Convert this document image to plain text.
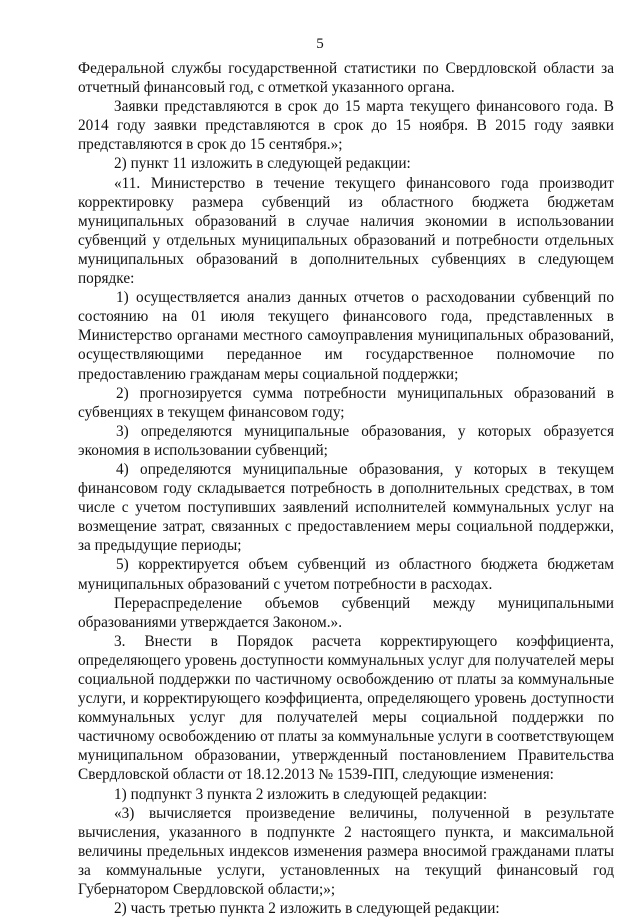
5

Федеральной службы государственной статистики по Свердловской области за отчетный финансовый год, с отметкой указанного органа.

Заявки представляются в срок до 15 марта текущего финансового года. В 2014 году заявки представляются в срок до 15 ноября. В 2015 году заявки представляются в срок до 15 сентября.»;

2) пункт 11 изложить в следующей редакции:

«11. Министерство в течение текущего финансового года производит корректировку размера субвенций из областного бюджета бюджетам муниципальных образований в случае наличия экономии в использовании субвенций у отдельных муниципальных образований и потребности отдельных муниципальных образований в дополнительных субвенциях в следующем порядке:

1) осуществляется анализ данных отчетов о расходовании субвенций по состоянию на 01 июля текущего финансового года, представленных в Министерство органами местного самоуправления муниципальных образований, осуществляющими переданное им государственное полномочие по предоставлению гражданам меры социальной поддержки;

2) прогнозируется сумма потребности муниципальных образований в субвенциях в текущем финансовом году;

3) определяются муниципальные образования, у которых образуется экономия в использовании субвенций;

4) определяются муниципальные образования, у которых в текущем финансовом году складывается потребность в дополнительных средствах, в том числе с учетом поступивших заявлений исполнителей коммунальных услуг на возмещение затрат, связанных с предоставлением меры социальной поддержки, за предыдущие периоды;

5) корректируется объем субвенций из областного бюджета бюджетам муниципальных образований с учетом потребности в расходах.

Перераспределение объемов субвенций между муниципальными образованиями утверждается Законом.».

3. Внести в Порядок расчета корректирующего коэффициента, определяющего уровень доступности коммунальных услуг для получателей меры социальной поддержки по частичному освобождению от платы за коммунальные услуги, и корректирующего коэффициента, определяющего уровень доступности коммунальных услуг для получателей меры социальной поддержки по частичному освобождению от платы за коммунальные услуги в соответствующем муниципальном образовании, утвержденный постановлением Правительства Свердловской области от 18.12.2013 № 1539-ПП, следующие изменения:

1) подпункт 3 пункта 2 изложить в следующей редакции:

«3) вычисляется произведение величины, полученной в результате вычисления, указанного в подпункте 2 настоящего пункта, и максимальной величины предельных индексов изменения размера вносимой гражданами платы за коммунальные услуги, установленных на текущий финансовый год Губернатором Свердловской области;»;

2) часть третью пункта 2 изложить в следующей редакции:
